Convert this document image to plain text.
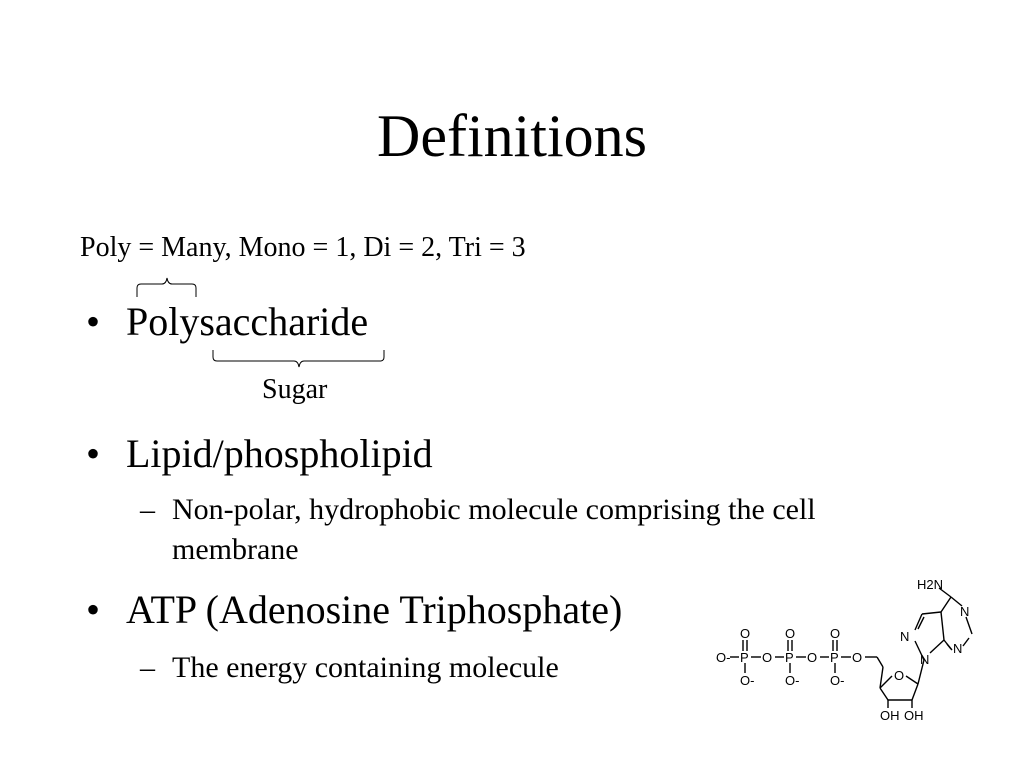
Definitions
Poly = Many, Mono = 1, Di = 2, Tri = 3
• Polysaccharide
Sugar
• Lipid/phospholipid
– Non-polar, hydrophobic molecule comprising the cell
membrane
• ATP (Adenosine Triphosphate)
– The energy containing molecule	O- P
O
O-
O P
O
O-
O P
O
O-
O
O
OH OH
N
N
N
N
H2N
